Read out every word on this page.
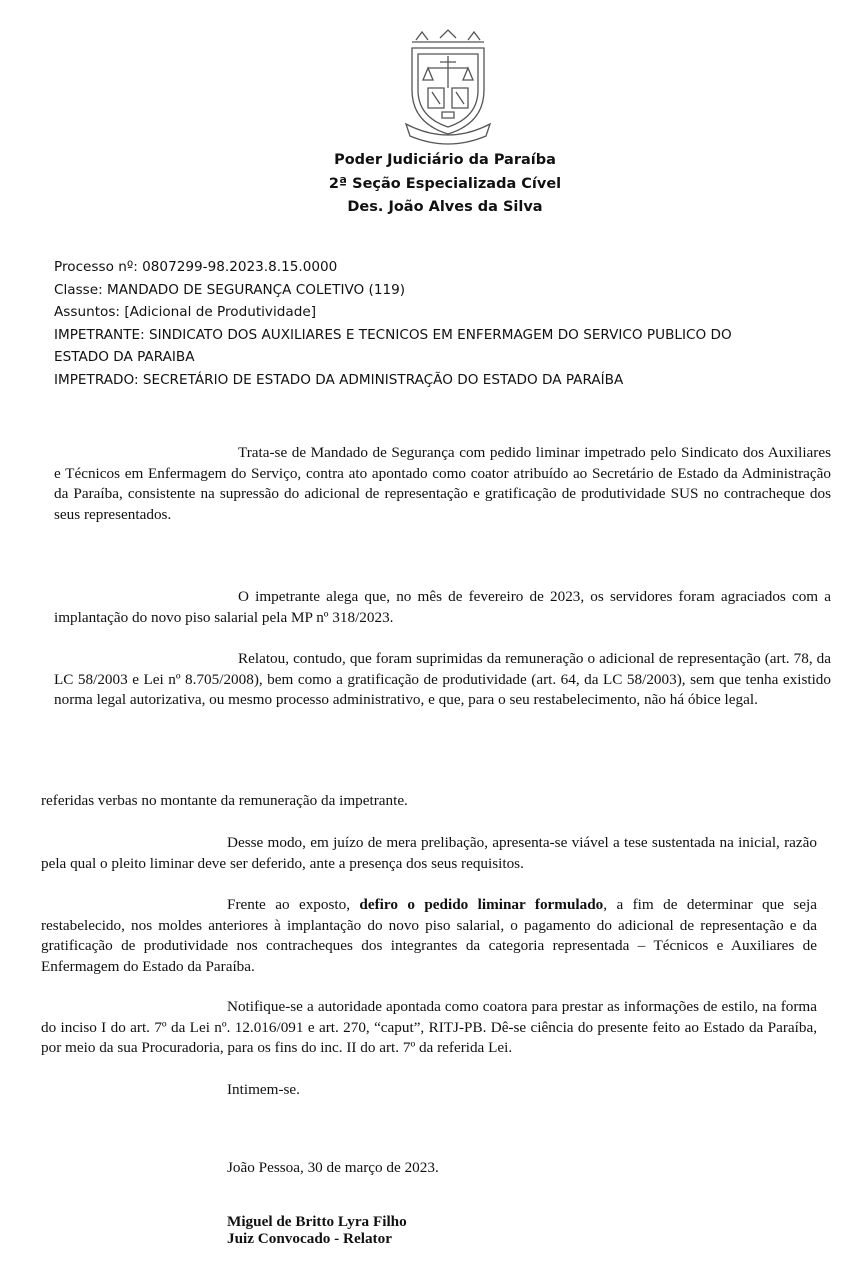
Poder Judiciário da Paraíba
2ª Seção Especializada Cível
Des. João Alves da Silva
Processo nº: 0807299-98.2023.8.15.0000
Classe: MANDADO DE SEGURANÇA COLETIVO (119)
Assuntos: [Adicional de Produtividade]
IMPETRANTE: SINDICATO DOS AUXILIARES E TECNICOS EM ENFERMAGEM DO SERVICO PUBLICO DO
ESTADO DA PARAIBA
IMPETRADO: SECRETÁRIO DE ESTADO DA ADMINISTRAÇÃO DO ESTADO DA PARAÍBA

Trata-se de Mandado de Segurança com pedido liminar impetrado pelo Sindicato dos Auxiliares e Técnicos em Enfermagem do Serviço, contra ato apontado como coator atribuído ao Secretário de Estado da Administração da Paraíba, consistente na supressão do adicional de representação e gratificação de produtividade SUS no contracheque dos seus representados.

O impetrante alega que, no mês de fevereiro de 2023, os servidores foram agraciados com a implantação do novo piso salarial pela MP nº 318/2023.

Relatou, contudo, que foram suprimidas da remuneração o adicional de representação (art. 78, da LC 58/2003 e Lei nº 8.705/2008), bem como a gratificação de produtividade (art. 64, da LC 58/2003), sem que tenha existido norma legal autorizativa, ou mesmo processo administrativo, e que, para o seu restabelecimento, não há óbice legal.
referidas verbas no montante da remuneração da impetrante.

Desse modo, em juízo de mera prelibação, apresenta-se viável a tese sustentada na inicial, razão pela qual o pleito liminar deve ser deferido, ante a presença dos seus requisitos.

Frente ao exposto, defiro o pedido liminar formulado, a fim de determinar que seja restabelecido, nos moldes anteriores à implantação do novo piso salarial, o pagamento do adicional de representação e da gratificação de produtividade nos contracheques dos integrantes da categoria representada – Técnicos e Auxiliares de Enfermagem do Estado da Paraíba.

Notifique-se a autoridade apontada como coatora para prestar as informações de estilo, na forma do inciso I do art. 7º da Lei nº. 12.016/091 e art. 270, “caput”, RITJ-PB. Dê-se ciência do presente feito ao Estado da Paraíba, por meio da sua Procuradoria, para os fins do inc. II do art. 7º da referida Lei.

Intimem-se.
João Pessoa, 30 de março de 2023.
Miguel de Britto Lyra Filho
Juiz Convocado - Relator
